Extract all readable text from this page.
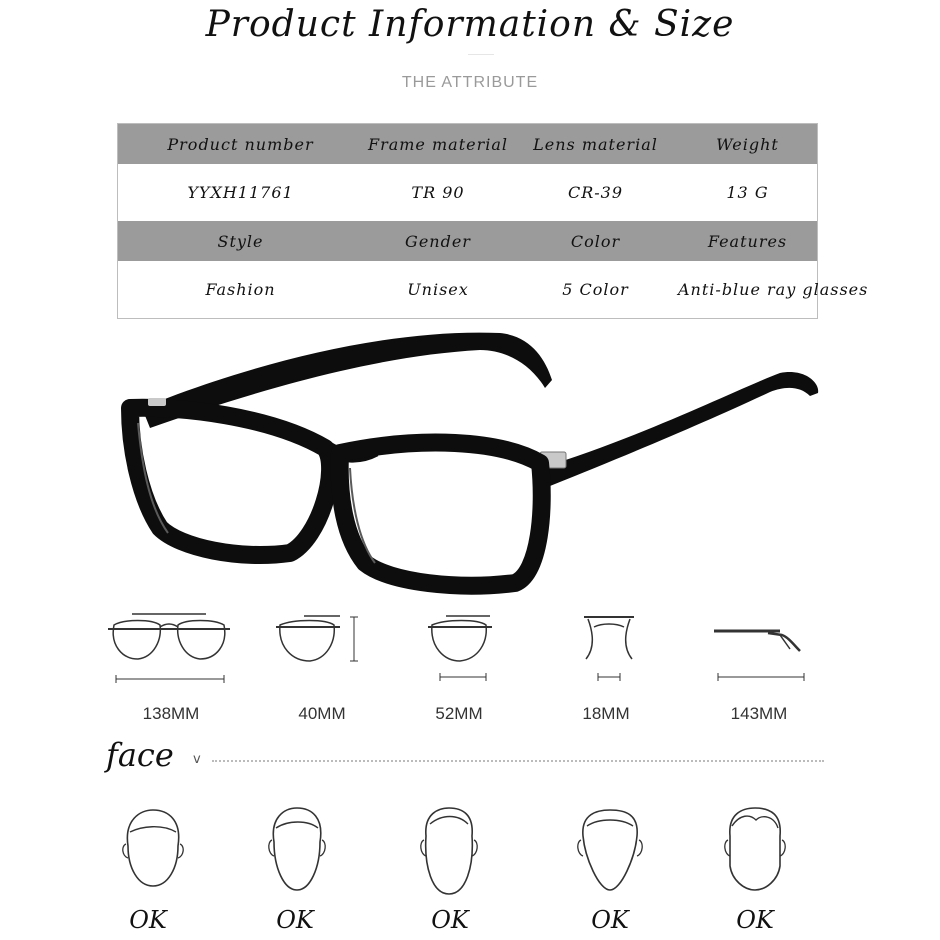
Product Information & Size
THE ATTRIBUTE
Product number	Frame material	Lens material	Weight
YYXH11761	TR 90	CR-39	13 G
Style	Gender	Color	Features
Fashion	Unisex	5 Color	Anti-blue ray glasses
138MM	40MM	52MM	18MM	143MM
face v
OK	OK	OK	OK	OK
